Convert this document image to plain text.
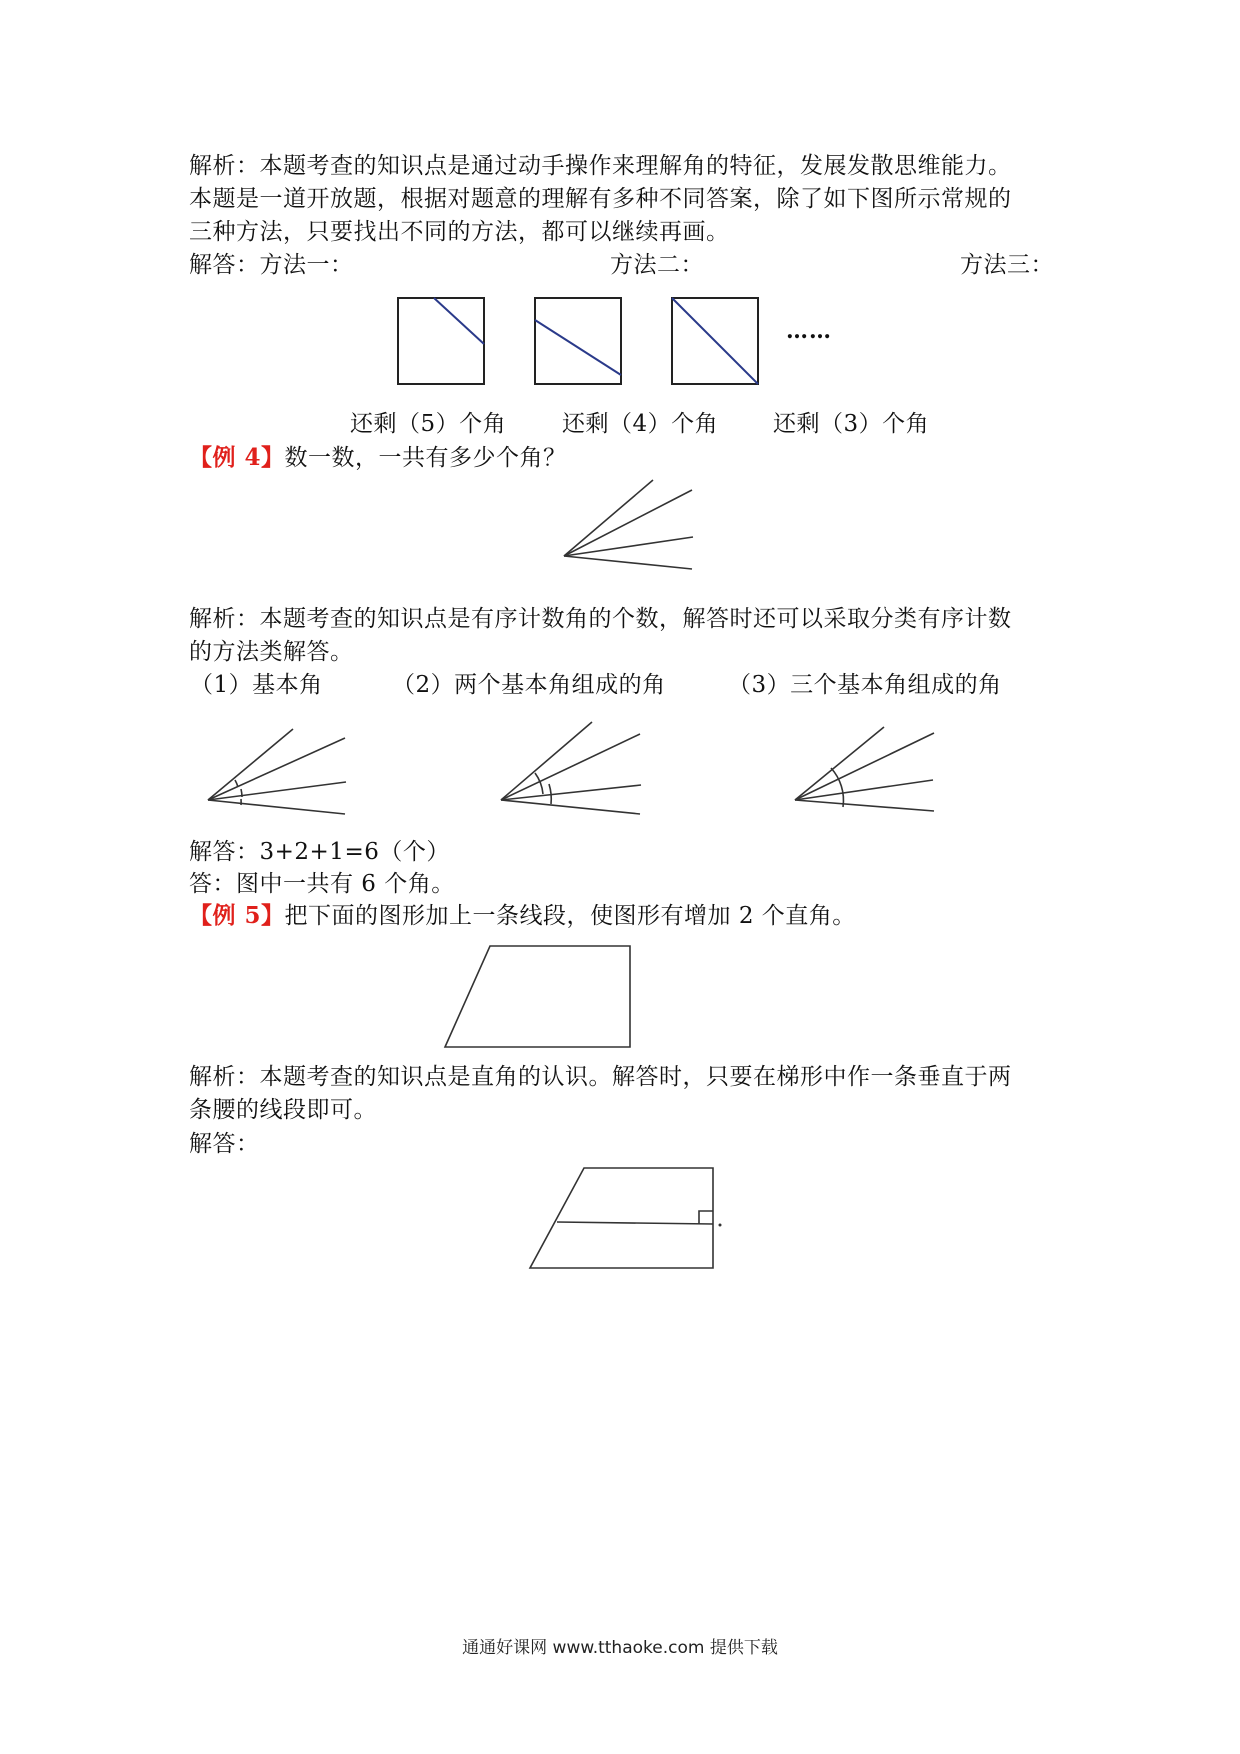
解析：本题考查的知识点是通过动手操作来理解角的特征，发展发散思维能力。
本题是一道开放题，根据对题意的理解有多种不同答案，除了如下图所示常规的
三种方法，只要找出不同的方法，都可以继续再画。
解答：方法一：	方法二：	方法三：
……
还剩（5）个角 还剩（4）个角 还剩（3）个角
【例 4】数一数，一共有多少个角？
解析：本题考查的知识点是有序计数角的个数，解答时还可以采取分类有序计数
的方法类解答。
（1）基本角	（2）两个基本角组成的角	（3）三个基本角组成的角
解答：3+2+1=6（个）
答：图中一共有 6 个角。
【例 5】把下面的图形加上一条线段，使图形有增加 2 个直角。
解析：本题考查的知识点是直角的认识。解答时，只要在梯形中作一条垂直于两
条腰的线段即可。
解答：
通通好课网 www.tthaoke.com 提供下载
